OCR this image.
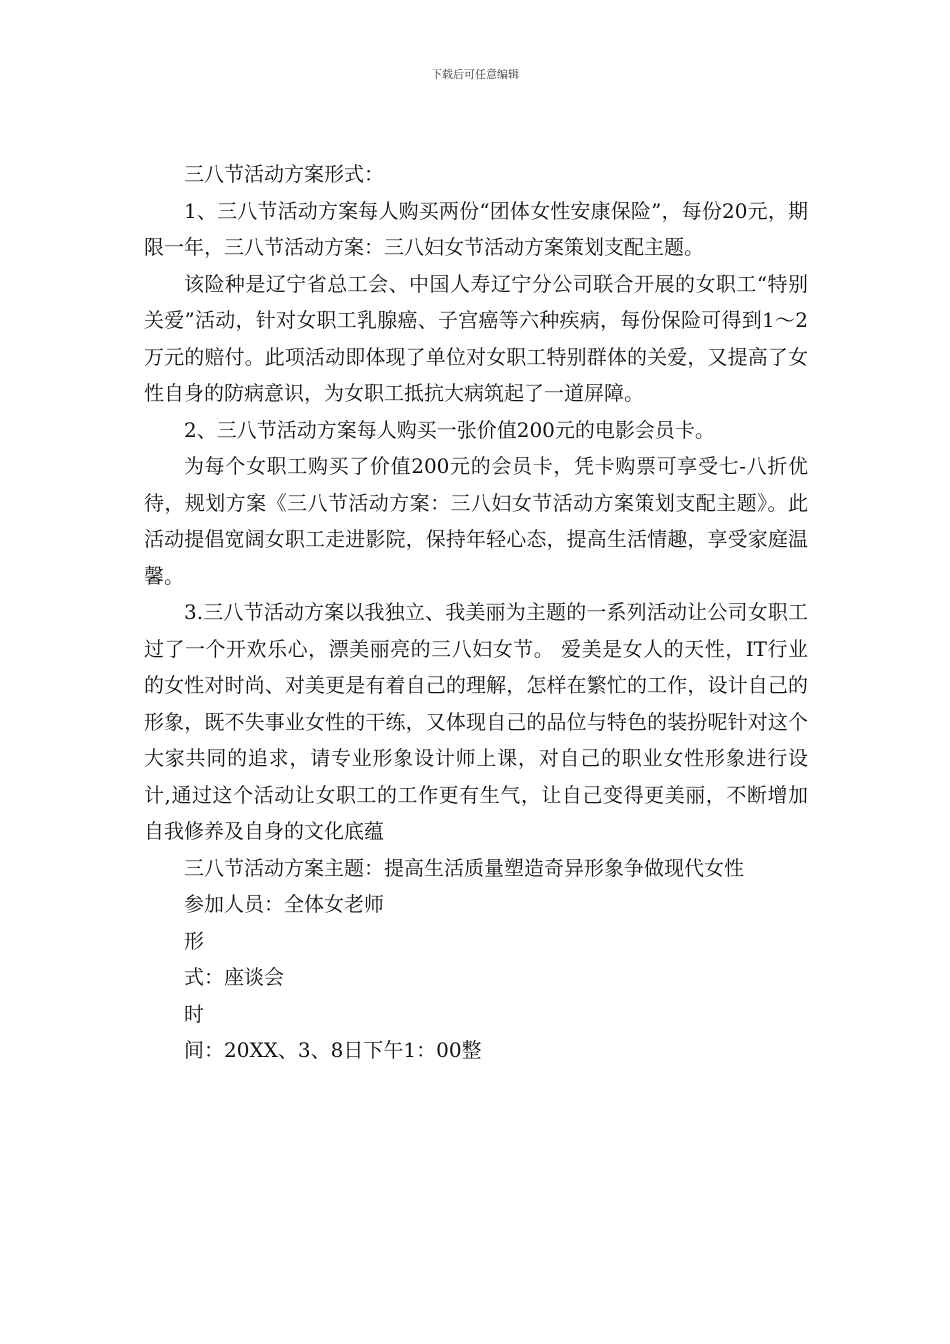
下载后可任意编辑

三八节活动方案形式：

1、三八节活动方案每人购买两份“团体女性安康保险”，每份20元，期限一年，三八节活动方案：三八妇女节活动方案策划支配主题。

该险种是辽宁省总工会、中国人寿辽宁分公司联合开展的女职工“特别关爱”活动，针对女职工乳腺癌、子宫癌等六种疾病，每份保险可得到1～2万元的赔付。此项活动即体现了单位对女职工特别群体的关爱，又提高了女性自身的防病意识，为女职工抵抗大病筑起了一道屏障。

2、三八节活动方案每人购买一张价值200元的电影会员卡。

为每个女职工购买了价值200元的会员卡，凭卡购票可享受七-八折优待，规划方案《三八节活动方案：三八妇女节活动方案策划支配主题》。此活动提倡宽阔女职工走进影院，保持年轻心态，提高生活情趣，享受家庭温馨。

3.三八节活动方案以我独立、我美丽为主题的一系列活动让公司女职工过了一个开欢乐心，漂美丽亮的三八妇女节。 爱美是女人的天性，IT行业的女性对时尚、对美更是有着自己的理解，怎样在繁忙的工作，设计自己的形象，既不失事业女性的干练，又体现自己的品位与特色的装扮呢针对这个大家共同的追求，请专业形象设计师上课，对自己的职业女性形象进行设计,通过这个活动让女职工的工作更有生气，让自己变得更美丽，不断增加自我修养及自身的文化底蕴

三八节活动方案主题：提高生活质量塑造奇异形象争做现代女性

参加人员：全体女老师

形

式：座谈会

时

间：20XX、3、8日下午1：00整
